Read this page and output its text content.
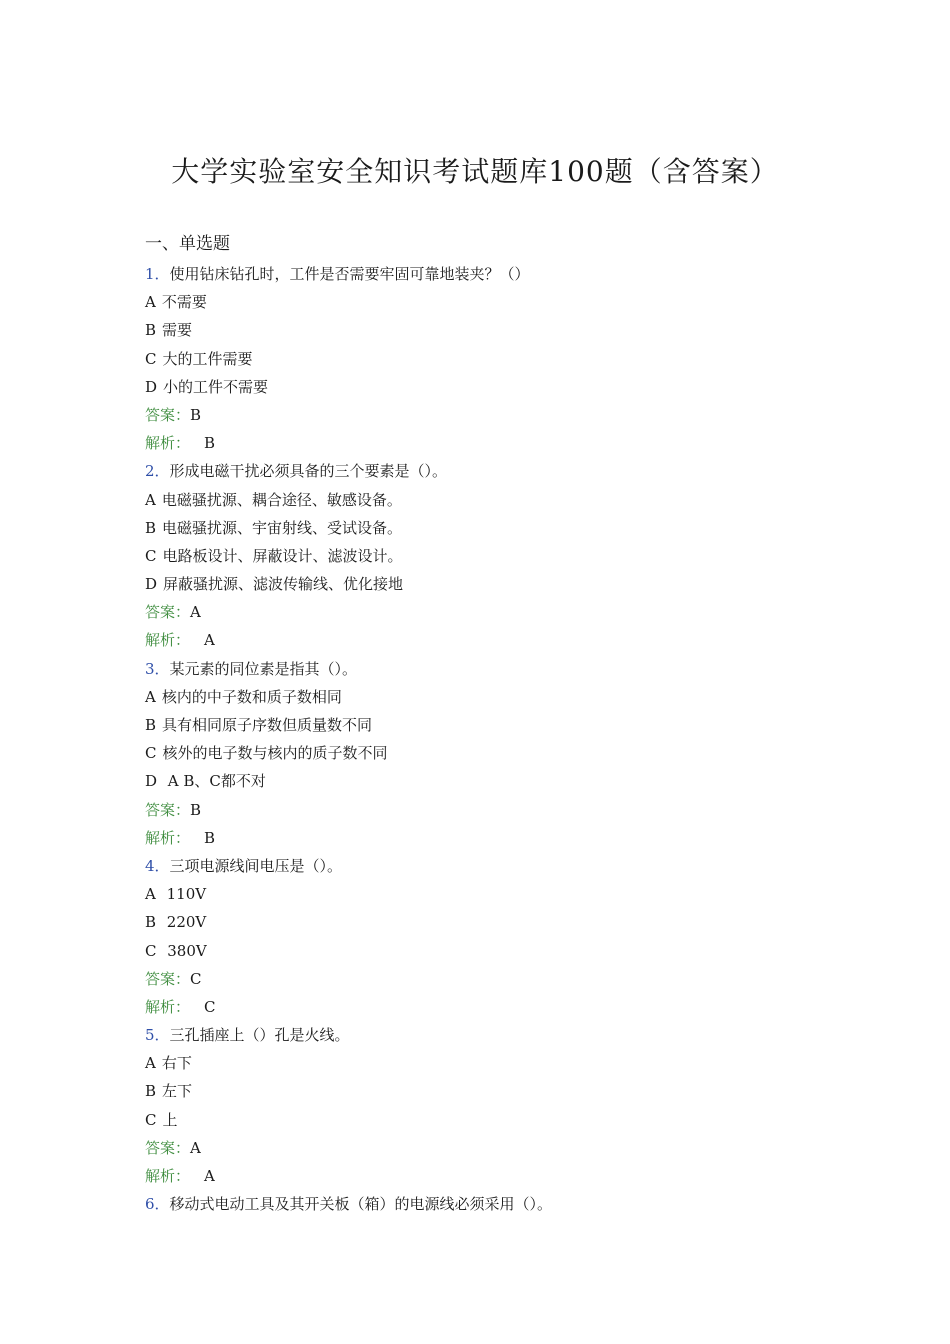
大学实验室安全知识考试题库100题（含答案）
一、单选题
1．使用钻床钻孔时，工件是否需要牢固可靠地装夹？（）
A 不需要
B 需要
C 大的工件需要
D 小的工件不需要
答案：B
解析： B
2．形成电磁干扰必须具备的三个要素是（）。
A 电磁骚扰源、耦合途径、敏感设备。
B 电磁骚扰源、宇宙射线、受试设备。
C 电路板设计、屏蔽设计、滤波设计。
D 屏蔽骚扰源、滤波传输线、优化接地
答案：A
解析： A
3．某元素的同位素是指其（）。
A 核内的中子数和质子数相同
B 具有相同原子序数但质量数不同
C 核外的电子数与核内的质子数不同
D A B、C都不对
答案：B
解析： B
4．三项电源线间电压是（）。
A 110V
B 220V
C 380V
答案：C
解析： C
5．三孔插座上（）孔是火线。
A 右下
B 左下
C 上
答案：A
解析： A
6．移动式电动工具及其开关板（箱）的电源线必须采用（）。
